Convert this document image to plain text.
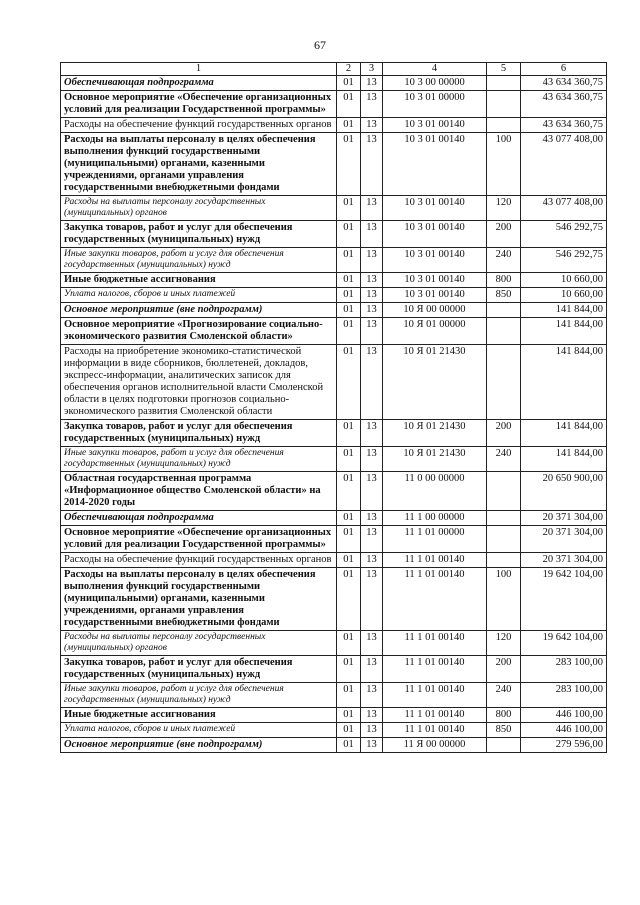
67
1	2	3	4	5	6
Обеспечивающая подпрограмма	01	13	10 3 00 00000		43 634 360,75
Основное мероприятие «Обеспечение организационных условий для реализации Государственной программы»	01	13	10 3 01 00000		43 634 360,75
Расходы на обеспечение функций государственных органов	01	13	10 3 01 00140		43 634 360,75
Расходы на выплаты персоналу в целях обеспечения выполнения функций государственными (муниципальными) органами, казенными учреждениями, органами управления государственными внебюджетными фондами	01	13	10 3 01 00140	100	43 077 408,00
Расходы на выплаты персоналу государственных (муниципальных) органов	01	13	10 3 01 00140	120	43 077 408,00
Закупка товаров, работ и услуг для обеспечения государственных (муниципальных) нужд	01	13	10 3 01 00140	200	546 292,75
Иные закупки товаров, работ и услуг для обеспечения государственных (муниципальных) нужд	01	13	10 3 01 00140	240	546 292,75
Иные бюджетные ассигнования	01	13	10 3 01 00140	800	10 660,00
Уплата налогов, сборов и иных платежей	01	13	10 3 01 00140	850	10 660,00
Основное мероприятие (вне подпрограмм)	01	13	10 Я 00 00000		141 844,00
Основное мероприятие «Прогнозирование социально-экономического развития Смоленской области»	01	13	10 Я 01 00000		141 844,00
Расходы на приобретение экономико-статистической информации в виде сборников, бюллетеней, докладов, экспресс-информации, аналитических записок для обеспечения органов исполнительной власти Смоленской области в целях подготовки прогнозов социально-экономического развития Смоленской области	01	13	10 Я 01 21430		141 844,00
Закупка товаров, работ и услуг для обеспечения государственных (муниципальных) нужд	01	13	10 Я 01 21430	200	141 844,00
Иные закупки товаров, работ и услуг для обеспечения государственных (муниципальных) нужд	01	13	10 Я 01 21430	240	141 844,00
Областная государственная программа «Информационное общество Смоленской области» на 2014-2020 годы	01	13	11 0 00 00000		20 650 900,00
Обеспечивающая подпрограмма	01	13	11 1 00 00000		20 371 304,00
Основное мероприятие «Обеспечение организационных условий для реализации Государственной программы»	01	13	11 1 01 00000		20 371 304,00
Расходы на обеспечение функций государственных органов	01	13	11 1 01 00140		20 371 304,00
Расходы на выплаты персоналу в целях обеспечения выполнения функций государственными (муниципальными) органами, казенными учреждениями, органами управления государственными внебюджетными фондами	01	13	11 1 01 00140	100	19 642 104,00
Расходы на выплаты персоналу государственных (муниципальных) органов	01	13	11 1 01 00140	120	19 642 104,00
Закупка товаров, работ и услуг для обеспечения государственных (муниципальных) нужд	01	13	11 1 01 00140	200	283 100,00
Иные закупки товаров, работ и услуг для обеспечения государственных (муниципальных) нужд	01	13	11 1 01 00140	240	283 100,00
Иные бюджетные ассигнования	01	13	11 1 01 00140	800	446 100,00
Уплата налогов, сборов и иных платежей	01	13	11 1 01 00140	850	446 100,00
Основное мероприятие (вне подпрограмм)	01	13	11 Я 00 00000		279 596,00
